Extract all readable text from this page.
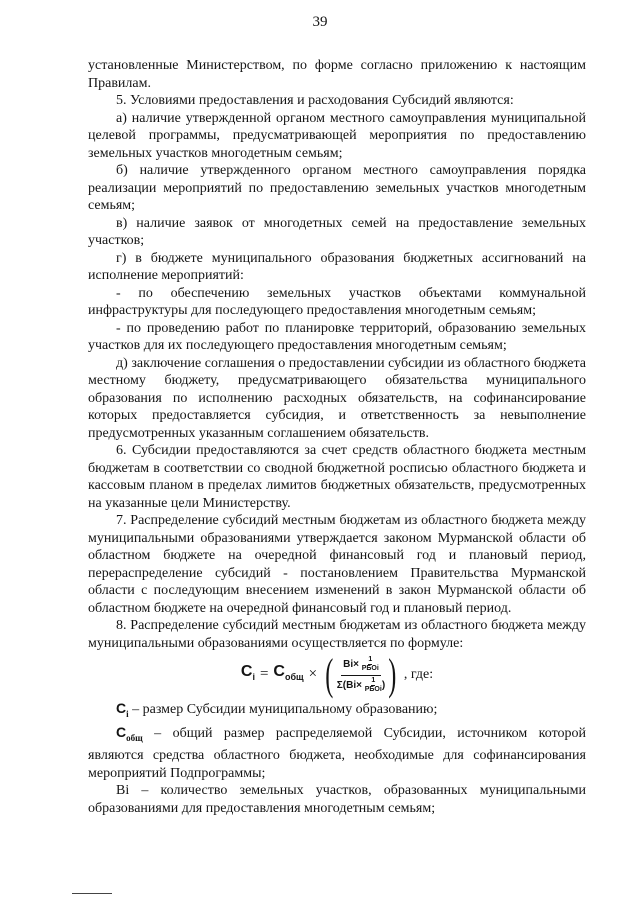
39

установленные Министерством, по форме согласно приложению к настоящим Правилам.

5. Условиями предоставления и расходования Субсидий являются:

а) наличие утвержденной органом местного самоуправления муниципальной целевой программы, предусматривающей мероприятия по предоставлению земельных участков многодетным семьям;

б) наличие утвержденного органом местного самоуправления порядка реализации мероприятий по предоставлению земельных участков многодетным семьям;

в) наличие заявок от многодетных семей на предоставление земельных участков;

г) в бюджете муниципального образования бюджетных ассигнований на исполнение мероприятий:

- по обеспечению земельных участков объектами коммунальной инфраструктуры для последующего предоставления многодетным семьям;

- по проведению работ по планировке территорий, образованию земельных участков для их последующего предоставления многодетным семьям;

д) заключение соглашения о предоставлении субсидии из областного бюджета местному бюджету, предусматривающего обязательства муниципального образования по исполнению расходных обязательств, на софинансирование которых предоставляется субсидия, и ответственность за невыполнение предусмотренных указанным соглашением обязательств.

6. Субсидии предоставляются за счет средств областного бюджета местным бюджетам в соответствии со сводной бюджетной росписью областного бюджета и кассовым планом в пределах лимитов бюджетных обязательств, предусмотренных на указанные цели Министерству.

7. Распределение субсидий местным бюджетам из областного бюджета между муниципальными образованиями утверждается законом Мурманской области об областном бюджете на очередной финансовый год и плановый период, перераспределение субсидий - постановлением Правительства Мурманской области с последующим внесением изменений в закон Мурманской области об областном бюджете на очередной финансовый год и плановый период.

8. Распределение субсидий местным бюджетам из областного бюджета между муниципальными образованиями осуществляется по формуле:

$C_i = C_{общ}$ × ( Bi× 1
РБОi
Σ(Bi× 1
РБОi ) ) , где:

$C_i$ – размер Субсидии муниципальному образованию;

$C_{общ}$ – общий размер распределяемой Субсидии, источником которой являются средства областного бюджета, необходимые для софинансирования мероприятий Подпрограммы;

Bi – количество земельных участков, образованных муниципальными образованиями для предоставления многодетным семьям;
